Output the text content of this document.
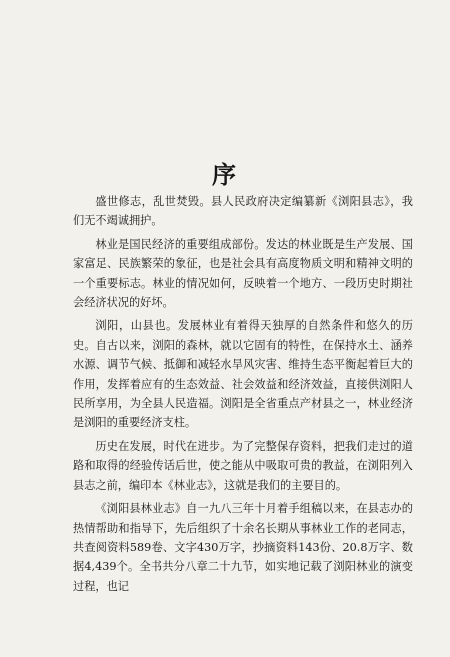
序

盛世修志，乱世焚毁。县人民政府决定编纂新《浏阳县志》，我们无不竭诚拥护。

林业是国民经济的重要组成部份。发达的林业既是生产发展、国家富足、民族繁荣的象征，也是社会具有高度物质文明和精神文明的一个重要标志。林业的情况如何，反映着一个地方、一段历史时期社会经济状况的好坏。

浏阳，山县也。发展林业有着得天独厚的自然条件和悠久的历史。自古以来，浏阳的森林，就以它固有的特性，在保持水土、涵养水源、调节气候、抵御和减轻水旱风灾害、维持生态平衡起着巨大的作用，发挥着应有的生态效益、社会效益和经济效益，直接供浏阳人民所享用，为全县人民造福。浏阳是全省重点产材县之一，林业经济是浏阳的重要经济支柱。

历史在发展，时代在进步。为了完整保存资料，把我们走过的道路和取得的经验传话后世，使之能从中吸取可贵的教益，在浏阳列入县志之前，编印本《林业志》，这就是我们的主要目的。

《浏阳县林业志》自一九八三年十月着手组稿以来，在县志办的热情帮助和指导下，先后组织了十余名长期从事林业工作的老同志，共查阅资料589卷、文字430万字，抄摘资料143份、20.8万字、数据4,439个。全书共分八章二十九节，如实地记载了浏阳林业的演变过程，也记
